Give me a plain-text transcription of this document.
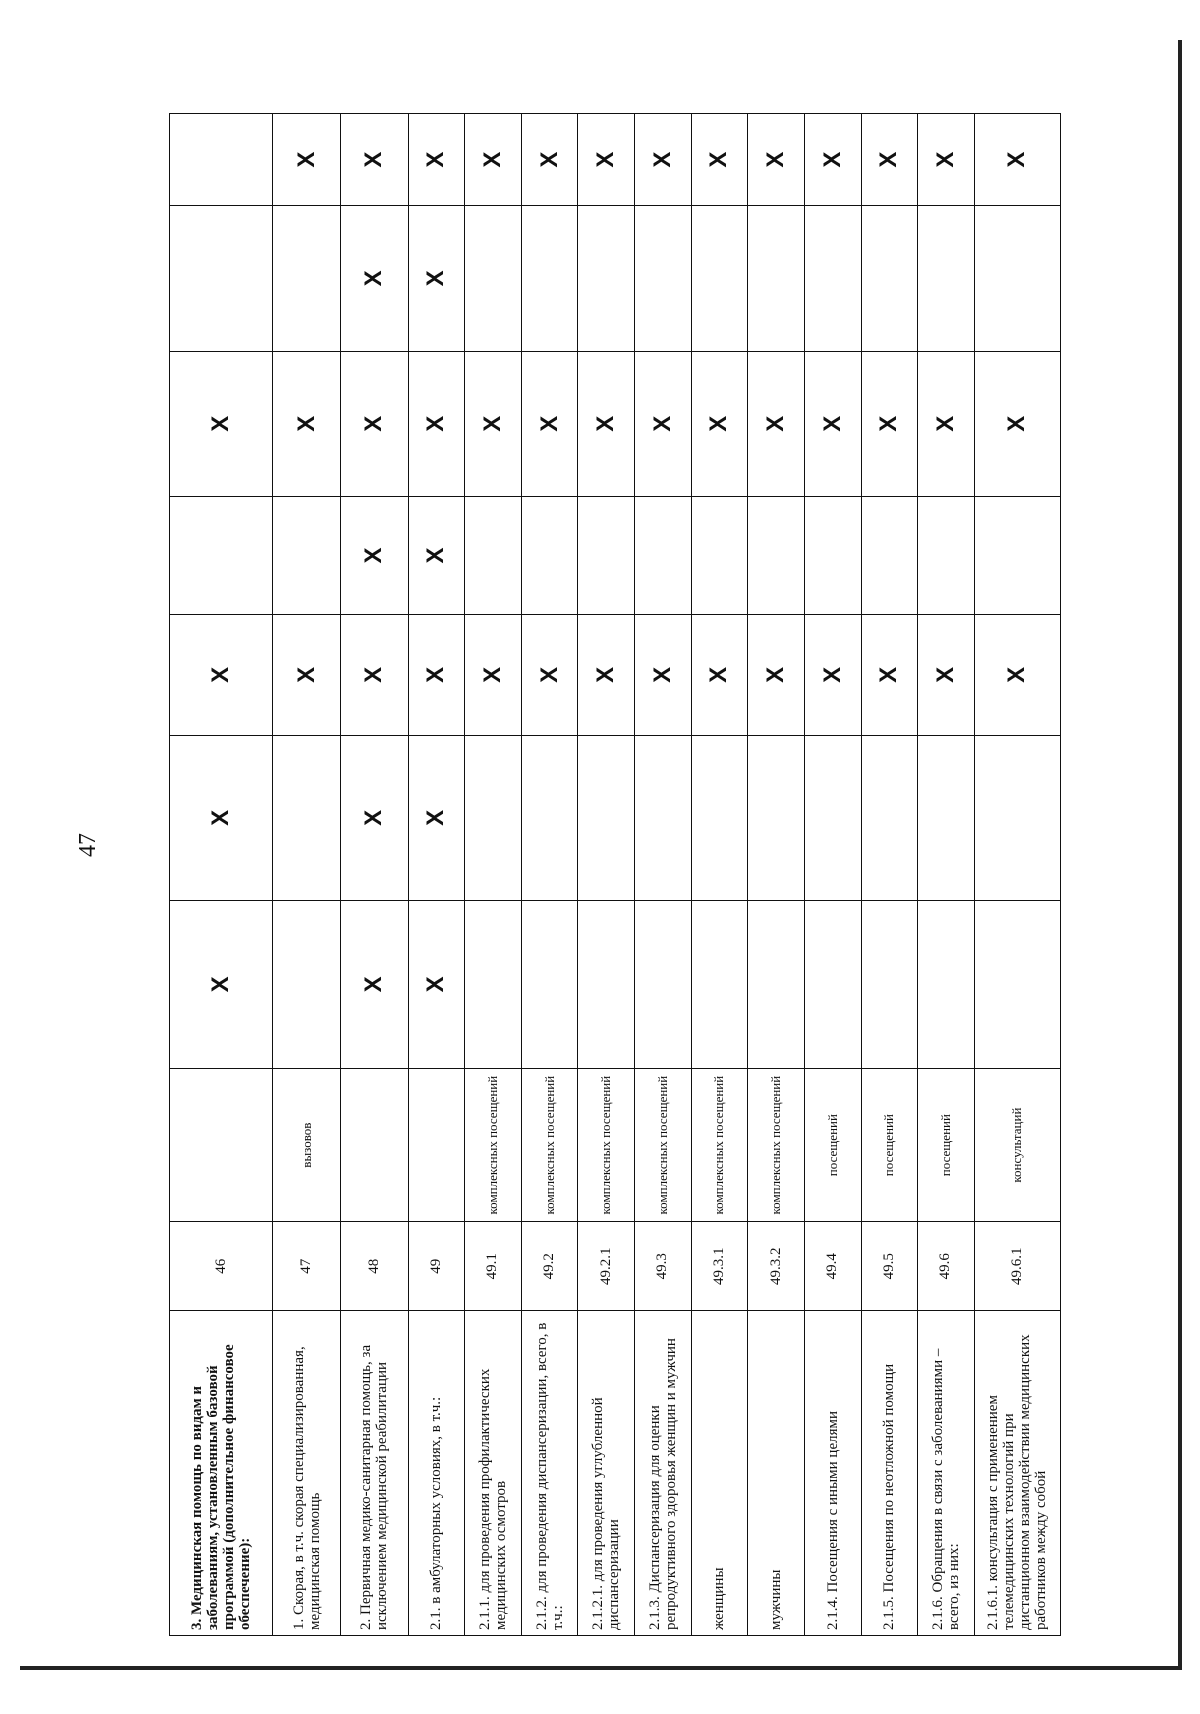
47
3. Медицинская помощь по видам и заболеваниям, установленным базовой программой (дополнительное финансовое обеспечение):	46		X	X	X		X		
1. Скорая, в т.ч. скорая специализированная, медицинская помощь	47	вызовов			X		X		X
2. Первичная медико-санитарная помощь, за исключением медицинской реабилитации	48		X	X	X	X	X	X	X
2.1. в амбулаторных условиях, в т.ч.:	49		X	X	X	X	X	X	X
2.1.1. для проведения профилактических медицинских осмотров	49.1	комплексных посещений			X		X		X
2.1.2. для проведения диспансеризации, всего, в т.ч.:	49.2	комплексных посещений			X		X		X
2.1.2.1. для проведения углубленной диспансеризации	49.2.1	комплексных посещений			X		X		X
2.1.3. Диспансеризация для оценки репродуктивного здоровья женщин и мужчин	49.3	комплексных посещений			X		X		X
женщины	49.3.1	комплексных посещений			X		X		X
мужчины	49.3.2	комплексных посещений			X		X		X
2.1.4. Посещения с иными целями	49.4	посещений			X		X		X
2.1.5. Посещения по неотложной помощи	49.5	посещений			X		X		X
2.1.6. Обращения в связи с заболеваниями – всего, из них:	49.6	посещений			X		X		X
2.1.6.1. консультация с применением телемедицинских технологий при дистанционном взаимодействии медицинских работников между собой	49.6.1	консультаций			X		X		X
